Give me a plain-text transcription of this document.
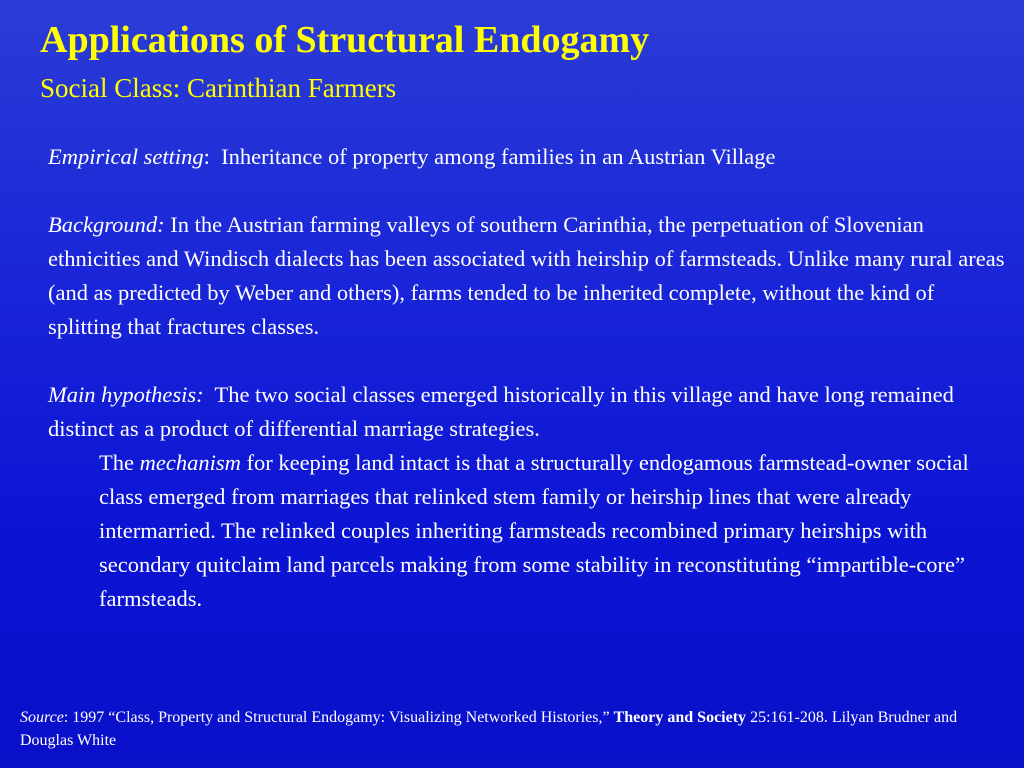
Applications of Structural Endogamy
Social Class: Carinthian Farmers

Empirical setting:  Inheritance of property among families in an Austrian Village

Background: In the Austrian farming valleys of southern Carinthia, the perpetuation of Slovenian ethnicities and Windisch dialects has been associated with heirship of farmsteads. Unlike many rural areas (and as predicted by Weber and others), farms tended to be inherited complete, without the kind of splitting that fractures classes.

Main hypothesis:  The two social classes emerged historically in this village and have long remained distinct as a product of differential marriage strategies.

The mechanism for keeping land intact is that a structurally endogamous farmstead-owner social class emerged from marriages that relinked stem family or heirship lines that were already intermarried. The relinked couples inheriting farmsteads recombined primary heirships with secondary quitclaim land parcels making from some stability in reconstituting “impartible-core” farmsteads.

Source: 1997 “Class, Property and Structural Endogamy: Visualizing Networked Histories,” Theory and Society 25:161-208. Lilyan Brudner and Douglas White
